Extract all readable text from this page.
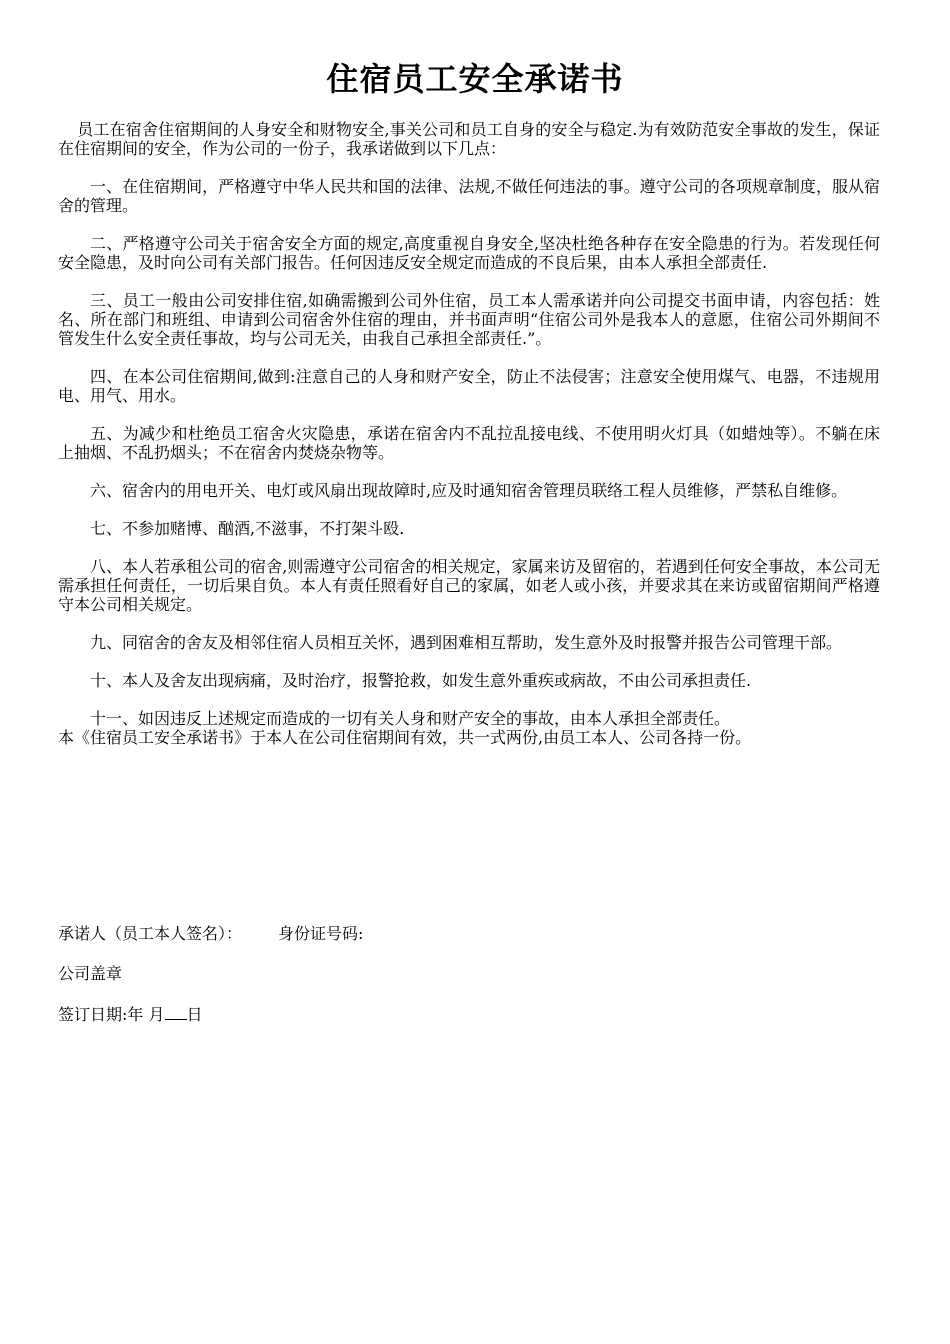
住宿员工安全承诺书

员工在宿舍住宿期间的人身安全和财物安全,事关公司和员工自身的安全与稳定.为有效防范安全事故的发生，保证在住宿期间的安全，作为公司的一份子，我承诺做到以下几点：

一、在住宿期间，严格遵守中华人民共和国的法律、法规,不做任何违法的事。遵守公司的各项规章制度，服从宿舍的管理。

二、严格遵守公司关于宿舍安全方面的规定,高度重视自身安全,坚决杜绝各种存在安全隐患的行为。若发现任何安全隐患，及时向公司有关部门报告。任何因违反安全规定而造成的不良后果，由本人承担全部责任.

三、员工一般由公司安排住宿,如确需搬到公司外住宿，员工本人需承诺并向公司提交书面申请，内容包括：姓名、所在部门和班组、申请到公司宿舍外住宿的理由，并书面声明“住宿公司外是我本人的意愿，住宿公司外期间不管发生什么安全责任事故，均与公司无关，由我自己承担全部责任.”。

四、在本公司住宿期间,做到:注意自己的人身和财产安全，防止不法侵害；注意安全使用煤气、电器，不违规用电、用气、用水。

五、为减少和杜绝员工宿舍火灾隐患，承诺在宿舍内不乱拉乱接电线、不使用明火灯具（如蜡烛等）。不躺在床上抽烟、不乱扔烟头；不在宿舍内焚烧杂物等。

六、宿舍内的用电开关、电灯或风扇出现故障时,应及时通知宿舍管理员联络工程人员维修，严禁私自维修。

七、不参加赌博、酗酒,不滋事，不打架斗殴.

八、本人若承租公司的宿舍,则需遵守公司宿舍的相关规定，家属来访及留宿的，若遇到任何安全事故，本公司无需承担任何责任，一切后果自负。本人有责任照看好自己的家属，如老人或小孩，并要求其在来访或留宿期间严格遵守本公司相关规定。

九、同宿舍的舍友及相邻住宿人员相互关怀，遇到困难相互帮助，发生意外及时报警并报告公司管理干部。

十、本人及舍友出现病痛，及时治疗，报警抢救，如发生意外重疾或病故，不由公司承担责任.

十一、如因违反上述规定而造成的一切有关人身和财产安全的事故，由本人承担全部责任。

本《住宿员工安全承诺书》于本人在公司住宿期间有效，共一式两份,由员工本人、公司各持一份。

承诺人（员工本人签名）： 身份证号码:
公司盖章
签订日期:年 月 日
